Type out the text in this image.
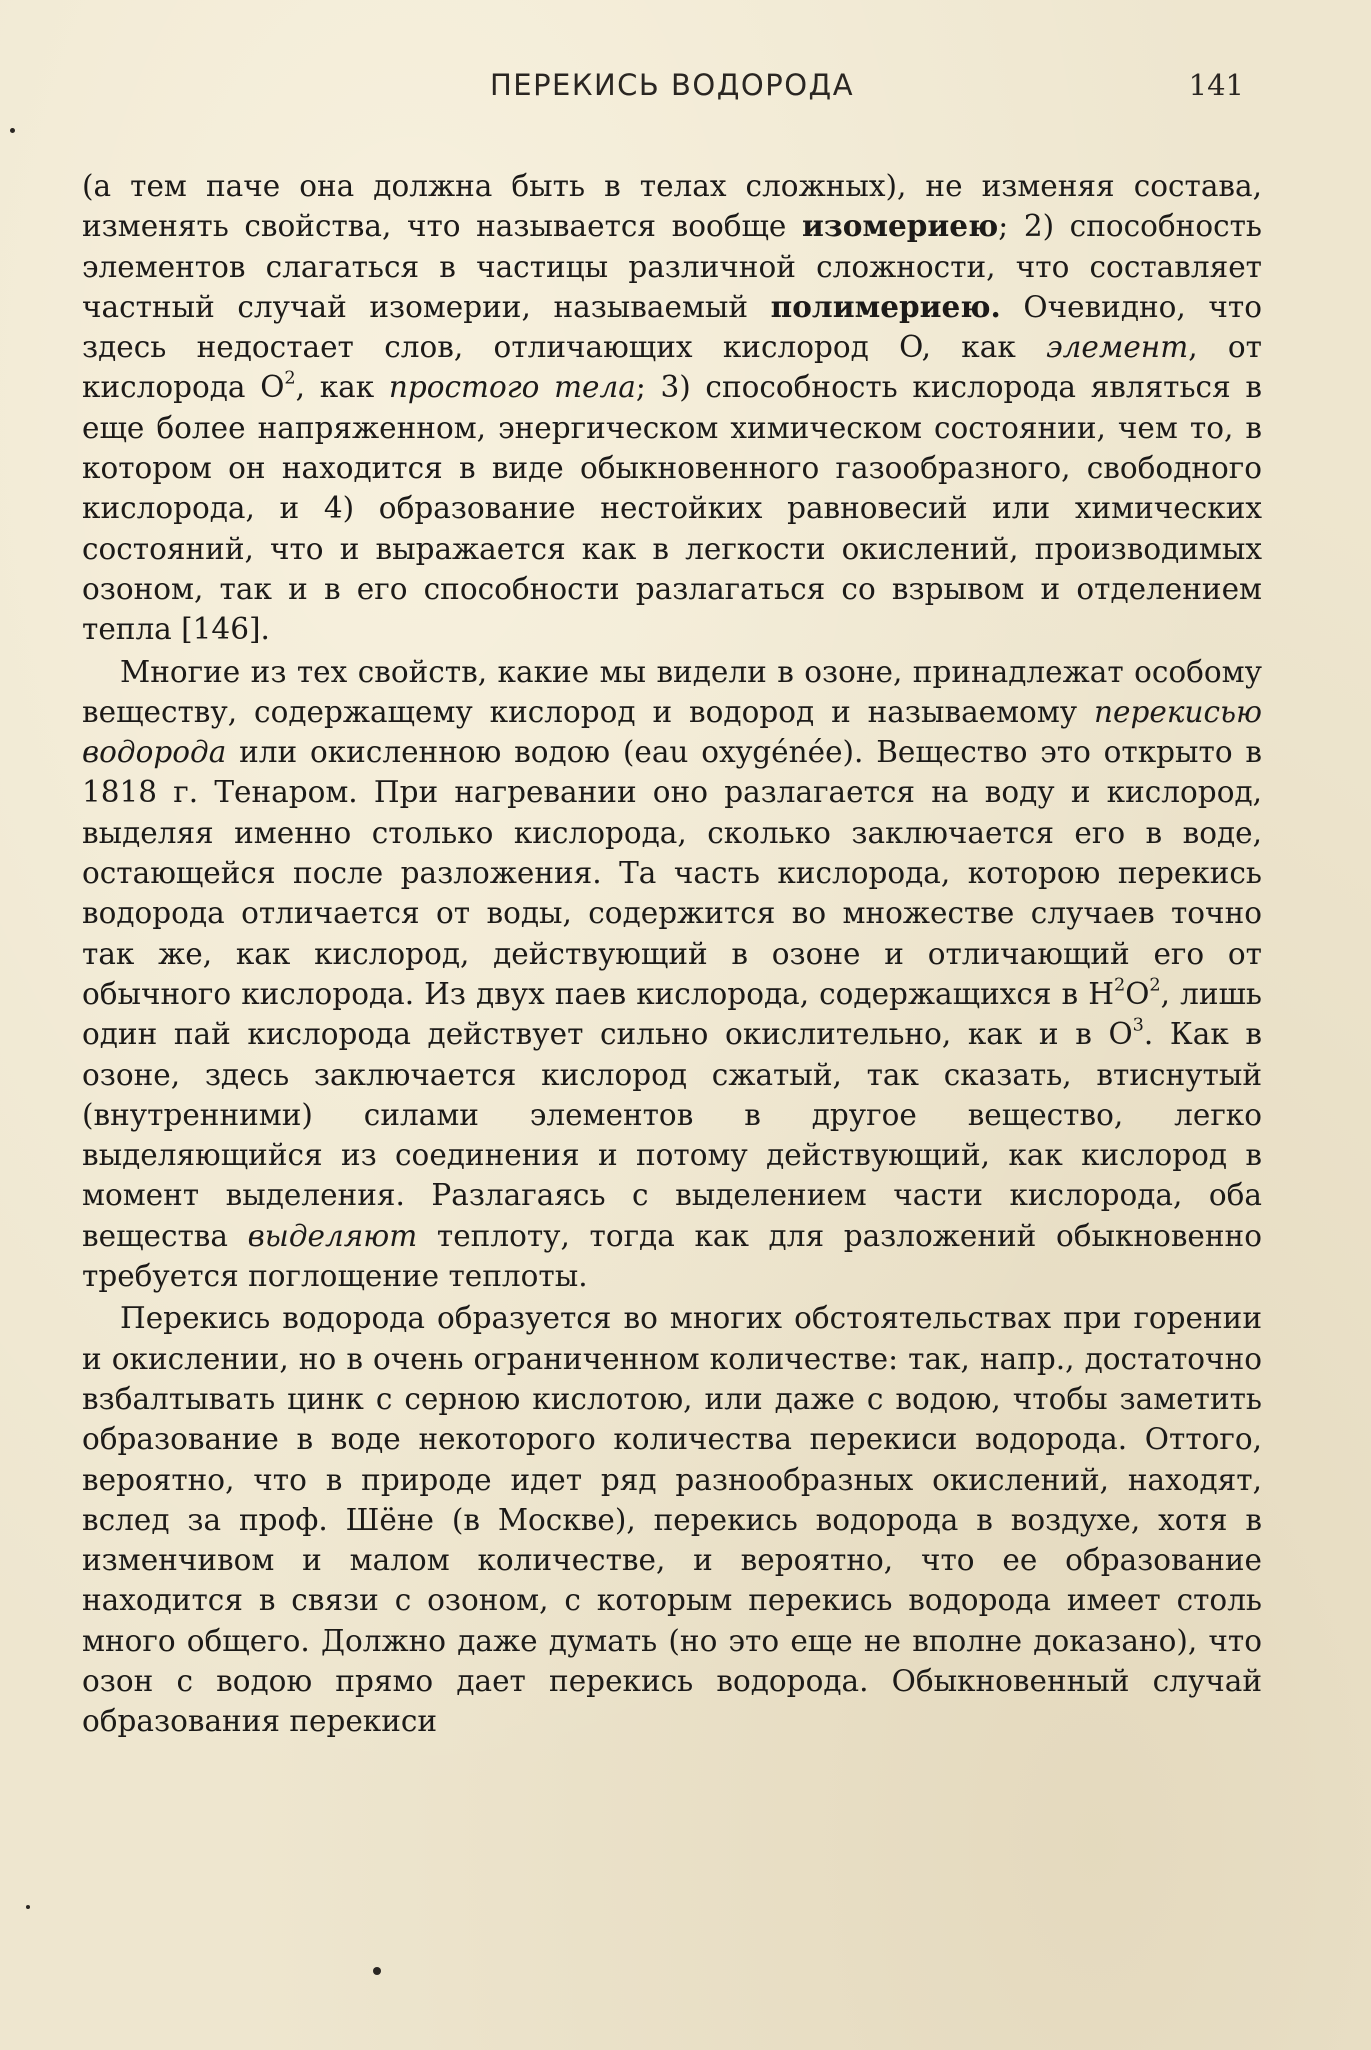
ПЕРЕКИСЬ ВОДОРОДА	141

(а тем паче она должна быть в телах сложных), не изменяя состава, изменять свойства, что называется вообще изомериею; 2) способность элементов слагаться в частицы различной сложности, что составляет частный случай изомерии, называемый полимериею. Очевидно, что здесь недостает слов, отличающих кислород O, как элемент, от кислорода $O^2$, как простого тела; 3) способность кислорода являться в еще более напряженном, энергическом химическом состоянии, чем то, в котором он находится в виде обыкновенного газообразного, свободного кислорода, и 4) образование нестойких равновесий или химических состояний, что и выражается как в легкости окислений, производимых озоном, так и в его способности разлагаться со взрывом и отделением тепла [146].

Многие из тех свойств, какие мы видели в озоне, принадлежат особому веществу, содержащему кислород и водород и называемому перекисью водорода или окисленною водою (eau oxygénée). Вещество это открыто в 1818 г. Тенаром. При нагревании оно разлагается на воду и кислород, выделяя именно столько кислорода, сколько заключается его в воде, остающейся после разложения. Та часть кислорода, которою перекись водорода отличается от воды, содержится во множестве случаев точно так же, как кислород, действующий в озоне и отличающий его от обычного кислорода. Из двух паев кислорода, содержащихся в $H^2O^2$, лишь один пай кислорода действует сильно окислительно, как и в $O^3$. Как в озоне, здесь заключается кислород сжатый, так сказать, втиснутый (внутренними) силами элементов в другое вещество, легко выделяющийся из соединения и потому действующий, как кислород в момент выделения. Разлагаясь с выделением части кислорода, оба вещества выделяют теплоту, тогда как для разложений обыкновенно требуется поглощение теплоты.

Перекись водорода образуется во многих обстоятельствах при горении и окислении, но в очень ограниченном количестве: так, напр., достаточно взбалтывать цинк с серною кислотою, или даже с водою, чтобы заметить образование в воде некоторого количества перекиси водорода. Оттого, вероятно, что в природе идет ряд разнообразных окислений, находят, вслед за проф. Шёне (в Москве), перекись водорода в воздухе, хотя в изменчивом и малом количестве, и вероятно, что ее образование находится в связи с озоном, с которым перекись водорода имеет столь много общего. Должно даже думать (но это еще не вполне доказано), что озон с водою прямо дает перекись водорода. Обыкновенный случай образования перекиси
